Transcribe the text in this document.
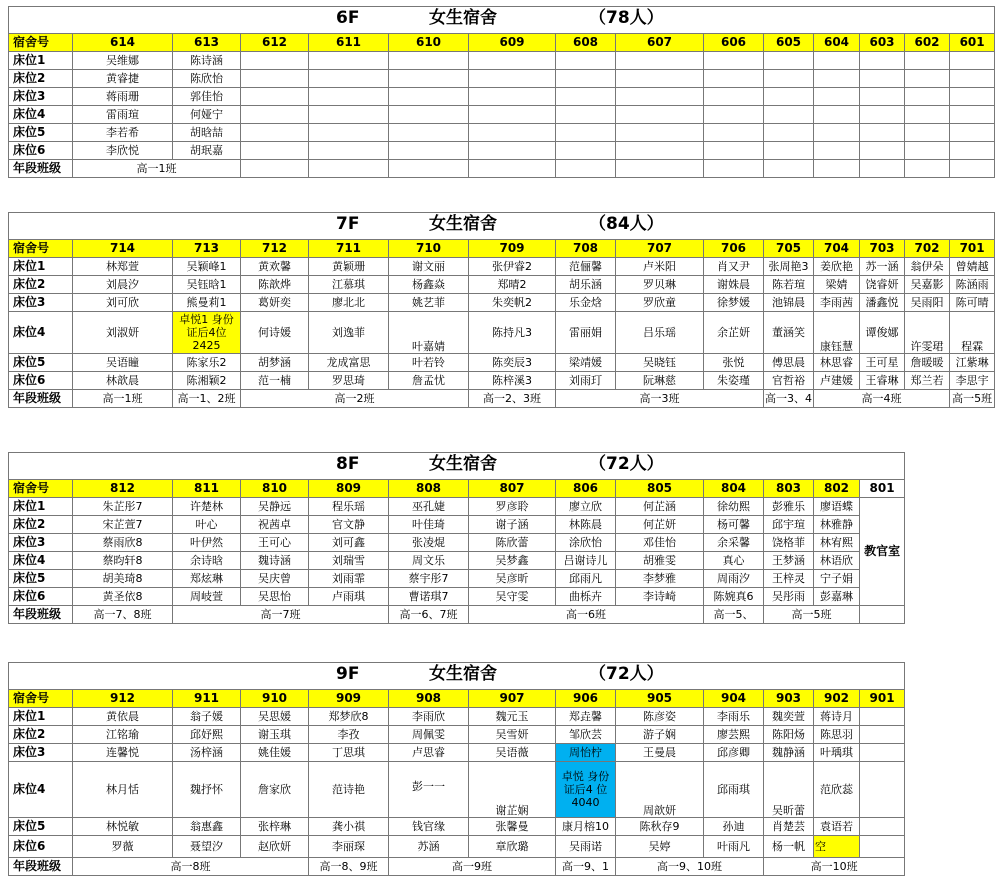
6F 女生宿舍 （78人）														

宿舍号	614	613	612	611	610	609	608	607	606	605	604	603	602	601
床位1	吴维娜	陈诗涵												
床位2	黄睿捷	陈欣怡												
床位3	蒋雨珊	郭佳怡												
床位4	雷雨瑄	何娅宁												
床位5	李若希	胡晗喆												
床位6	李欣悦	胡珉嘉												
年段班级	高一1班													
7F 女生宿舍 （84人）														

宿舍号	714	713	712	711	710	709	708	707	706	705	704	703	702	701
床位1	林郑萱	吴颖峰1	黄欢馨	黄颖珊	谢文丽	张伊睿2	范俪馨	卢米阳	肖又尹	张周艳3	姜欣艳	苏一涵	翁伊朵	曾婧越
床位2	刘晨汐	吴钰晗1	陈歆烨	江慕琪	杨鑫焱	郑晴2	胡乐涵	罗贝琳	谢姝晨	陈若瑄	梁婧	饶睿妍	吴嘉影	陈涵雨
床位3	刘可欣	熊曼莉1	葛妍奕	廖北北	姚艺菲	朱奕帆2	乐金焓	罗欣童	徐梦媛	池锦晨	李雨茜	潘鑫悦	吴雨阳	陈可晴
床位4	刘淑妍	卓悦1 身份证后4位 2425	何诗媛	刘逸菲	叶嘉婧	陈持凡3	雷丽娟	吕乐瑶	余芷妍	董涵笑	康钰慧	谭俊娜	许雯珺	程霖
床位5	吴语瞳	陈家乐2	胡梦涵	龙成富思	叶若铃	陈奕辰3	梁靖媛	吴晓钰	张悦	傅思晨	林思睿	王可星	詹暖暖	江紫琳
床位6	林歆晨	陈湘颖2	范一楠	罗思琦	詹孟忧	陈梓溪3	刘雨玎	阮琳慈	朱姿瑾	官哲裕	卢建媛	王睿琳	郑兰若	李思宇
年段班级	高一1班	高一1、2班	高一2班			高一2、3班	高一3班			高一3、4	高一4班			高一5班
8F 女生宿舍 （72人）												

宿舍号	812	811	810	809	808	807	806	805	804	803	802	801
床位1	朱芷彤7	许楚林	吴静远	程乐瑶	巫孔婕	罗彦聆	廖立欣	何芷涵	徐幼熙	彭雅乐	廖语蝶	教官室
床位2	宋芷萱7	叶心	祝茜卓	官文静	叶佳琦	谢子涵	林陈晨	何芷妍	杨可馨	邱宇瑄	林雅静	
床位3	蔡雨欣8	叶伊然	王可心	刘可鑫	张凌焜	陈欣蕾	涂欣怡	邓佳怡	余采馨	饶格菲	林宥熙	
床位4	蔡昀轩8	余诗晗	魏诗涵	刘瑞雪	周文乐	吴梦鑫	吕谢诗儿	胡雅雯	真心	王梦涵	林语欣	
床位5	胡美琦8	郑炫琳	吴庆曾	刘雨霏	蔡宇彤7	吴彦昕	邱雨凡	李梦雅	周雨汐	王梓灵	宁子娟	
床位6	黄圣依8	周岐萱	吴思怡	卢雨琪	曹诺琪7	吴守雯	曲栎卉	李诗崎	陈婉真6	吴彤雨	彭嘉琳	
年段班级	高一7、8班	高一7班			高一6、7班	高一6班			高一5、	高一5班		
9F 女生宿舍 （72人）												

宿舍号	912	911	910	909	908	907	906	905	904	903	902	901
床位1	黄依晨	翁子媛	吴思媛	郑梦欣8	李雨欣	魏元玉	郑垚馨	陈彦姿	李雨乐	魏奕萱	蒋诗月	
床位2	江铭瑜	邱妤熙	谢玉琪	李孜	周佩雯	吴雪妍	邹欣芸	游子娴	廖芸熙	陈阳炀	陈思羽	
床位3	连馨悦	汤梓涵	姚佳媛	丁思琪	卢思睿	吴语薇	周怡柠	王曼晨	邱彦卿	魏静涵	叶瑀琪	
床位4	林月恬	魏抒怀	詹家欣	范诗艳	彭一一	谢芷娴	卓悦 身份证后4 位 4040	周歆妍	邱雨琪	吴昕蕾	范欣蕊	
床位5	林悦敏	翁惠鑫	张梓琳	龚小祺	钱官缘	张馨曼	康月榕10	陈秋存9	孙迪	肖楚芸	袁语若	
床位6	罗薇	聂望汐	赵欣妍	李丽琛	苏涵	章欣璐	吴雨诺	吴婷	叶雨凡	杨一帆	空	
年段班级	高一8班			高一8、9班	高一9班		高一9、1	高一9、10班		高一10班		
